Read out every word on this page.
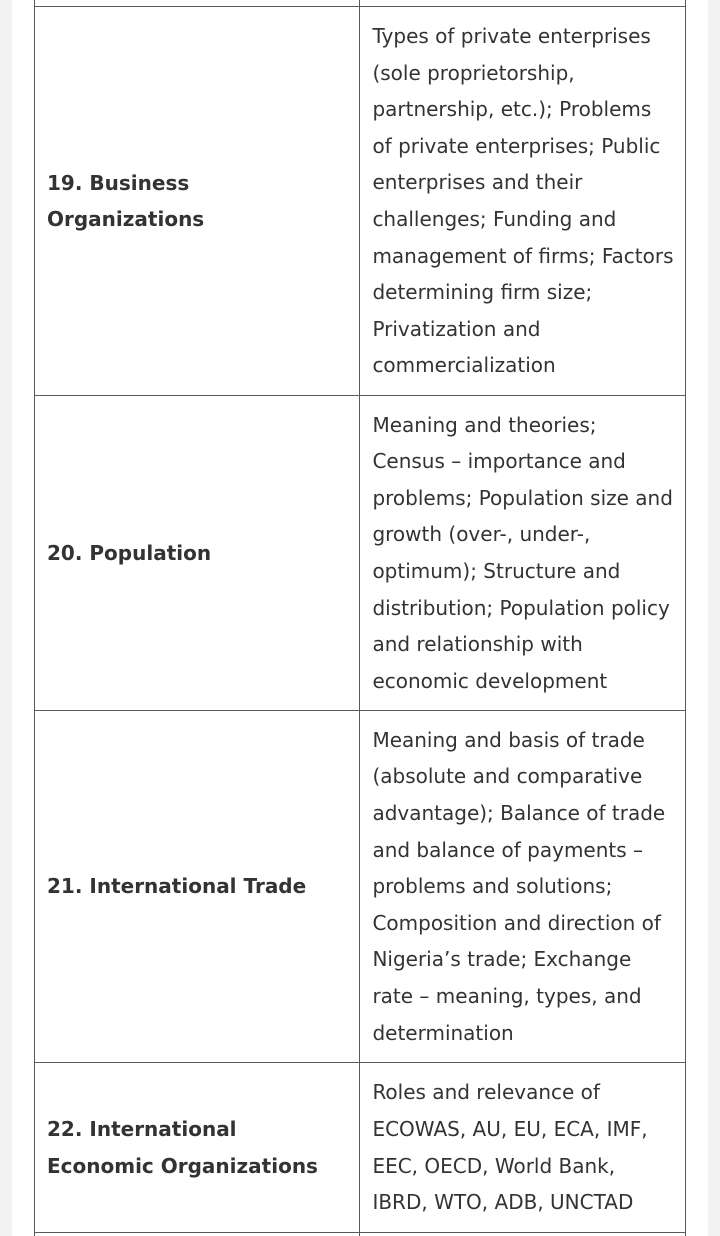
19. Business Organizations	Types of private enterprises (sole proprietorship, partnership, etc.); Problems of private enterprises; Public enterprises and their challenges; Funding and management of firms; Factors determining firm size; Privatization and commercialization
20. Population	Meaning and theories; Census – importance and problems; Population size and growth (over-, under-, optimum); Structure and distribution; Population policy and relationship with economic development
21. International Trade	Meaning and basis of trade (absolute and comparative advantage); Balance of trade and balance of payments – problems and solutions; Composition and direction of Nigeria’s trade; Exchange rate – meaning, types, and determination
22. International Economic Organizations	Roles and relevance of ECOWAS, AU, EU, ECA, IMF, EEC, OECD, World Bank, IBRD, WTO, ADB, UNCTAD
